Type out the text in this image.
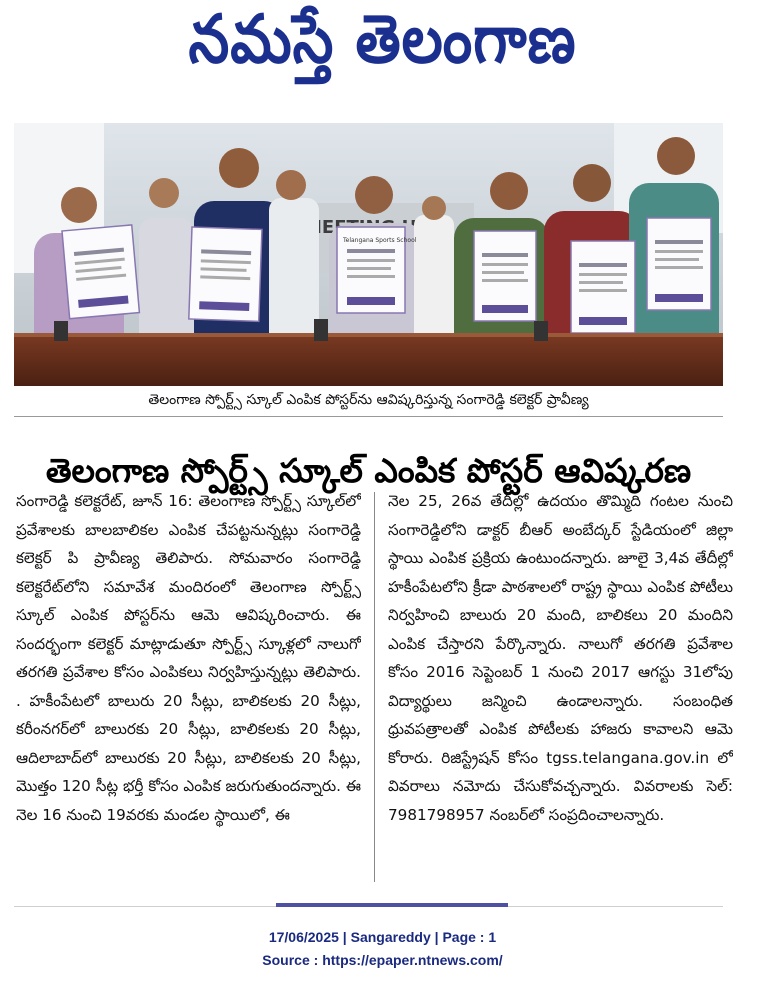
నమస్తే తెలంగాణ
Telangana Sports School
తెలంగాణ స్పోర్ట్స్ స్కూల్ ఎంపిక పోస్టర్‌ను ఆవిష్కరిస్తున్న సంగారెడ్డి కలెక్టర్ ప్రావీణ్య
తెలంగాణ స్పోర్ట్స్ స్కూల్ ఎంపిక పోస్టర్ ఆవిష్కరణ
సంగారెడ్డి కలెక్టరేట్, జూన్ 16: తెలంగాణ స్పోర్ట్స్ స్కూల్‌లో ప్రవేశాలకు బాలబాలికల ఎంపిక చేపట్టనున్నట్లు సంగారెడ్డి కలెక్టర్ పి ప్రావీణ్య తెలిపారు. సోమవారం సంగారెడ్డి కలెక్టరేట్‌లోని సమావేశ మందిరంలో తెలంగాణ స్పోర్ట్స్ స్కూల్ ఎంపిక పోస్టర్‌ను ఆమె ఆవిష్కరించారు. ఈ సందర్భంగా కలెక్టర్ మాట్లాడుతూ స్పోర్ట్స్ స్కూళ్లలో నాలుగో తరగతి ప్రవేశాల కోసం ఎంపికలు నిర్వహిస్తున్నట్లు తెలిపారు. . హకీంపేటలో బాలురు 20 సీట్లు, బాలికలకు 20 సీట్లు, కరీంనగర్‌లో బాలురకు 20 సీట్లు, బాలికలకు 20 సీట్లు, ఆదిలాబాద్‌లో బాలురకు 20 సీట్లు, బాలికలకు 20 సీట్లు, మొత్తం 120 సీట్ల భర్తీ కోసం ఎంపిక జరుగుతుందన్నారు. ఈ నెల 16 నుంచి 19వరకు మండల స్థాయిలో, ఈ
నెల 25, 26వ తేదీల్లో ఉదయం తొమ్మిది గంటల నుంచి సంగారెడ్డిలోని డాక్టర్ బీఆర్ అంబేద్కర్ స్టేడియంలో జిల్లా స్థాయి ఎంపిక ప్రక్రియ ఉంటుందన్నారు. జూలై 3,4వ తేదీల్లో హకీంపేటలోని క్రీడా పాఠశాలలో రాష్ట్ర స్థాయి ఎంపిక పోటీలు నిర్వహించి బాలురు 20 మంది, బాలికలు 20 మందిని ఎంపిక చేస్తారని పేర్కొన్నారు. నాలుగో తరగతి ప్రవేశాల కోసం 2016 సెప్టెంబర్ 1 నుంచి 2017 ఆగస్టు 31లోపు విద్యార్థులు జన్మించి ఉండాలన్నారు. సంబంధిత ధ్రువపత్రాలతో ఎంపిక పోటీలకు హాజరు కావాలని ఆమె కోరారు. రిజిస్ట్రేషన్ కోసం tgss.telangana.gov.in లో వివరాలు నమోదు చేసుకోవచ్చన్నారు. వివరాలకు సెల్: 7981798957 నంబర్‌లో సంప్రదించాలన్నారు.
17/06/2025 | Sangareddy | Page : 1
Source : https://epaper.ntnews.com/
